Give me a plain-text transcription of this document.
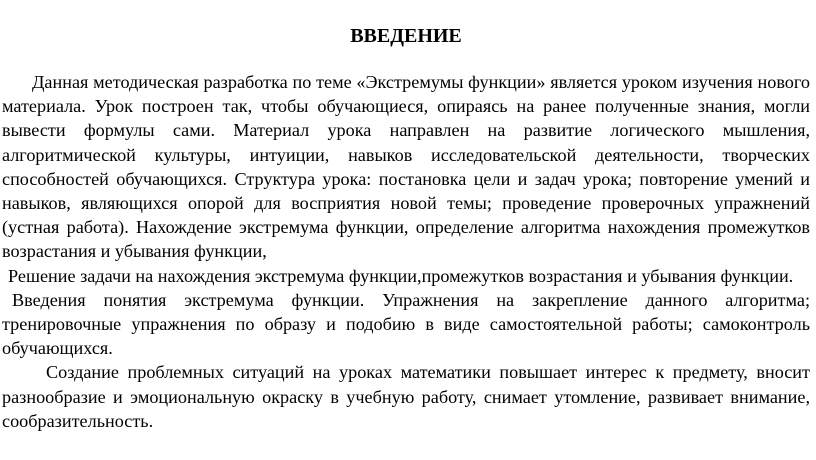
ВВЕДЕНИЕ

Данная методическая разработка по теме «Экстремумы функции» является уроком изучения нового материала. Урок построен так, чтобы обучающиеся, опираясь на ранее полученные знания, могли вывести формулы сами. Материал урока направлен на развитие логического мышления, алгоритмической культуры, интуиции, навыков исследовательской деятельности, творческих способностей обучающихся. Структура урока: постановка цели и задач урока; повторение умений и навыков, являющихся опорой для восприятия новой темы; проведение проверочных упражнений (устная работа). Нахождение экстремума функции, определение алгоритма нахождения промежутков возрастания и убывания функции,

Решение задачи на нахождения экстремума функции,промежутков возрастания и убывания функции.

Введения понятия экстремума функции. Упражнения на закрепление данного алгоритма; тренировочные упражнения по образу и подобию в виде самостоятельной работы; самоконтроль обучающихся.

Создание проблемных ситуаций на уроках математики повышает интерес к предмету, вносит разнообразие и эмоциональную окраску в учебную работу, снимает утомление, развивает внимание, сообразительность.
